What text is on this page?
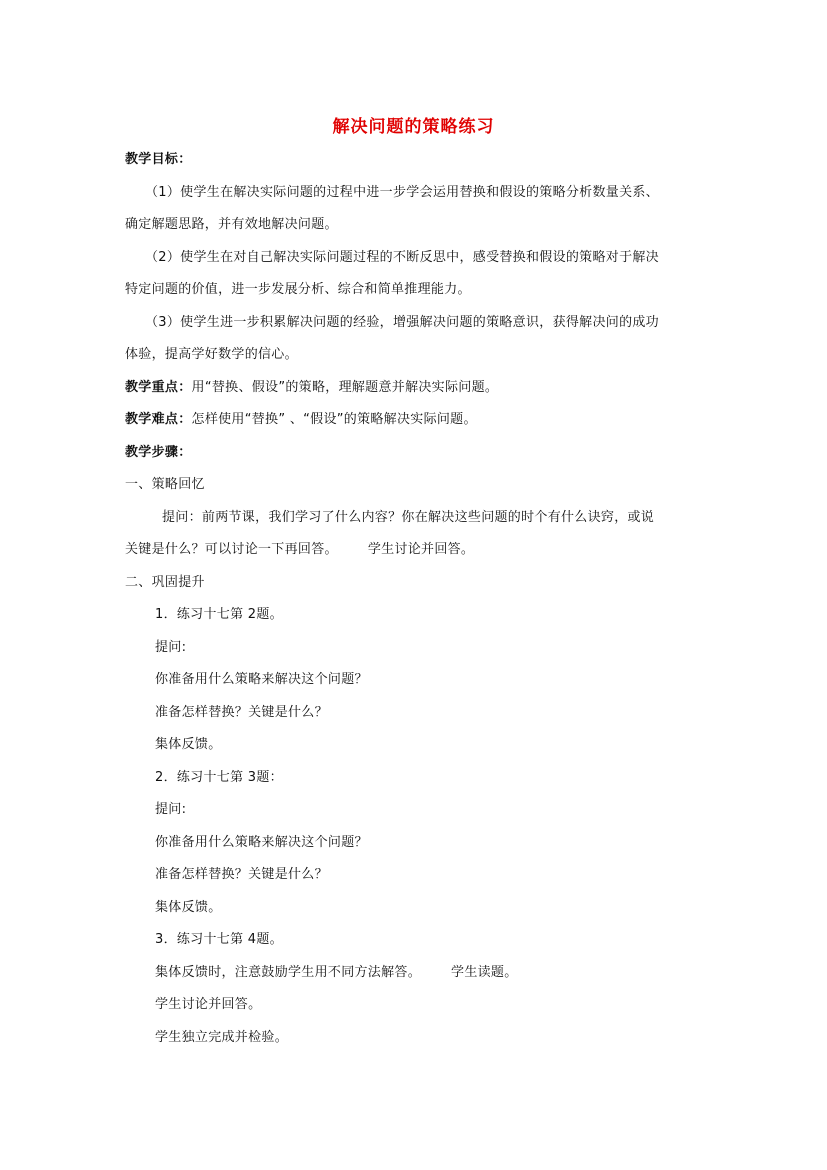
解决问题的策略练习
教学目标：
（1）使学生在解决实际问题的过程中进一步学会运用替换和假设的策略分析数量关系、
确定解题思路，并有效地解决问题。
（2）使学生在对自己解决实际问题过程的不断反思中，感受替换和假设的策略对于解决
特定问题的价值，进一步发展分析、综合和简单推理能力。
（3）使学生进一步积累解决问题的经验，增强解决问题的策略意识，获得解决问的成功
体验，提高学好数学的信心。
教学重点：用“替换、假设”的策略，理解题意并解决实际问题。
教学难点：怎样使用“替换” 、“假设”的策略解决实际问题。
教学步骤：
一、策略回忆
提问：前两节课，我们学习了什么内容？你在解决这些问题的时个有什么诀窍，或说
关键是什么？可以讨论一下再回答。 学生讨论并回答。
二、巩固提升
1．练习十七第 2题。
提问:
你准备用什么策略来解决这个问题？
准备怎样替换？关键是什么？
集体反馈。
2．练习十七第 3题：
提问:
你准备用什么策略来解决这个问题？
准备怎样替换？关键是什么？
集体反馈。
3．练习十七第 4题。
集体反馈时，注意鼓励学生用不同方法解答。 学生读题。
学生讨论并回答。
学生独立完成并检验。
